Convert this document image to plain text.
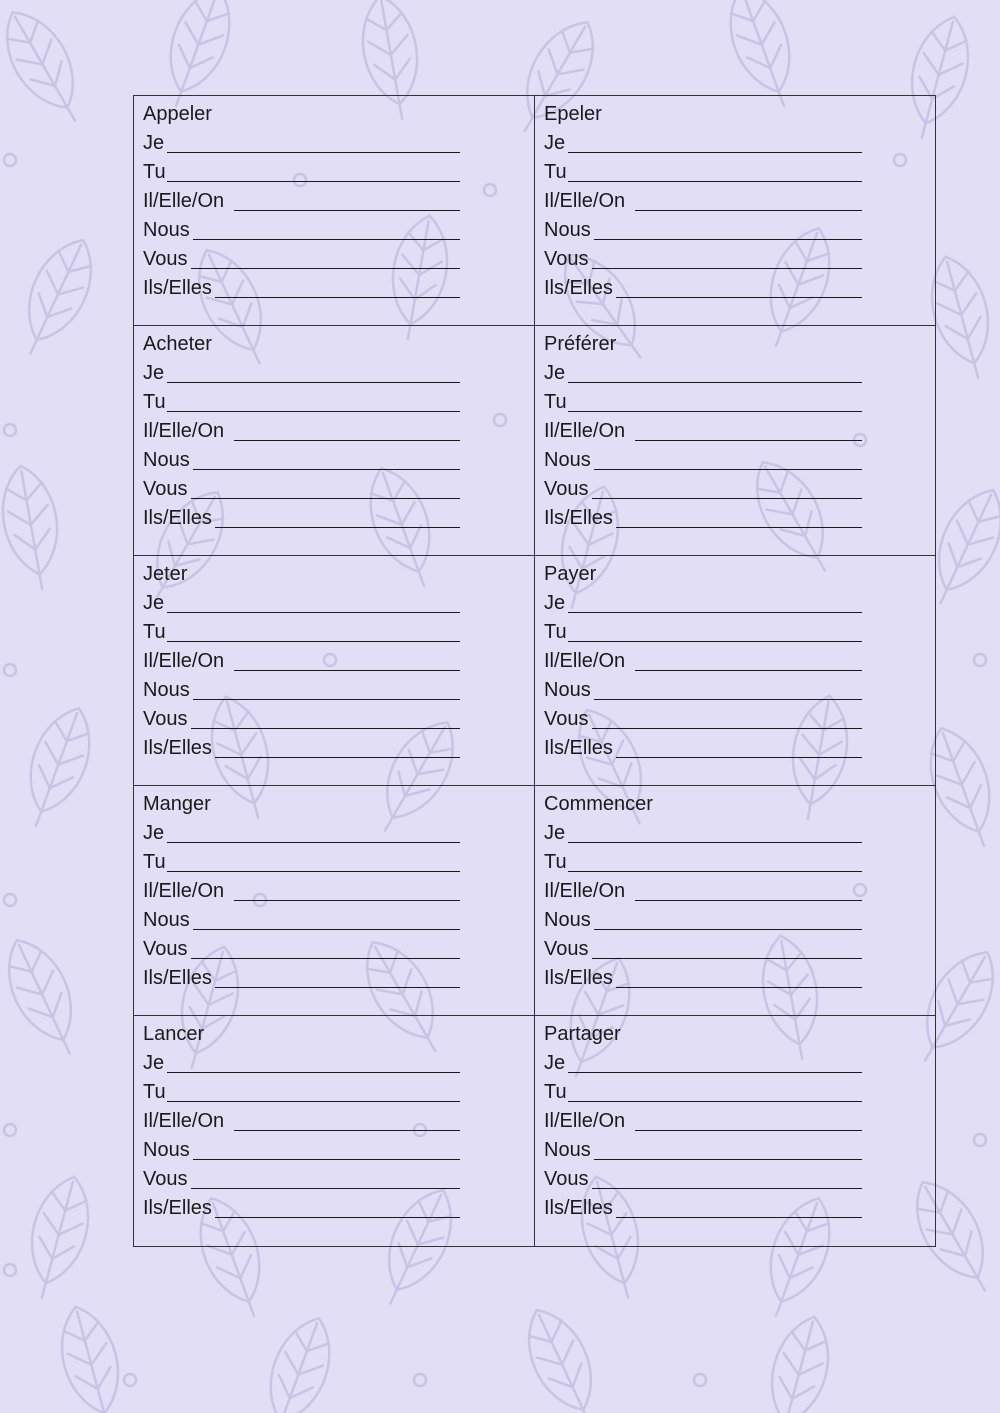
Appeler
Je
Tu
Il/Elle/On
Nous
Vous
Ils/Elles
Epeler
Je
Tu
Il/Elle/On
Nous
Vous
Ils/Elles
Acheter
Je
Tu
Il/Elle/On
Nous
Vous
Ils/Elles
Préférer
Je
Tu
Il/Elle/On
Nous
Vous
Ils/Elles
Jeter
Je
Tu
Il/Elle/On
Nous
Vous
Ils/Elles
Payer
Je
Tu
Il/Elle/On
Nous
Vous
Ils/Elles
Manger
Je
Tu
Il/Elle/On
Nous
Vous
Ils/Elles
Commencer
Je
Tu
Il/Elle/On
Nous
Vous
Ils/Elles
Lancer
Je
Tu
Il/Elle/On
Nous
Vous
Ils/Elles
Partager
Je
Tu
Il/Elle/On
Nous
Vous
Ils/Elles
